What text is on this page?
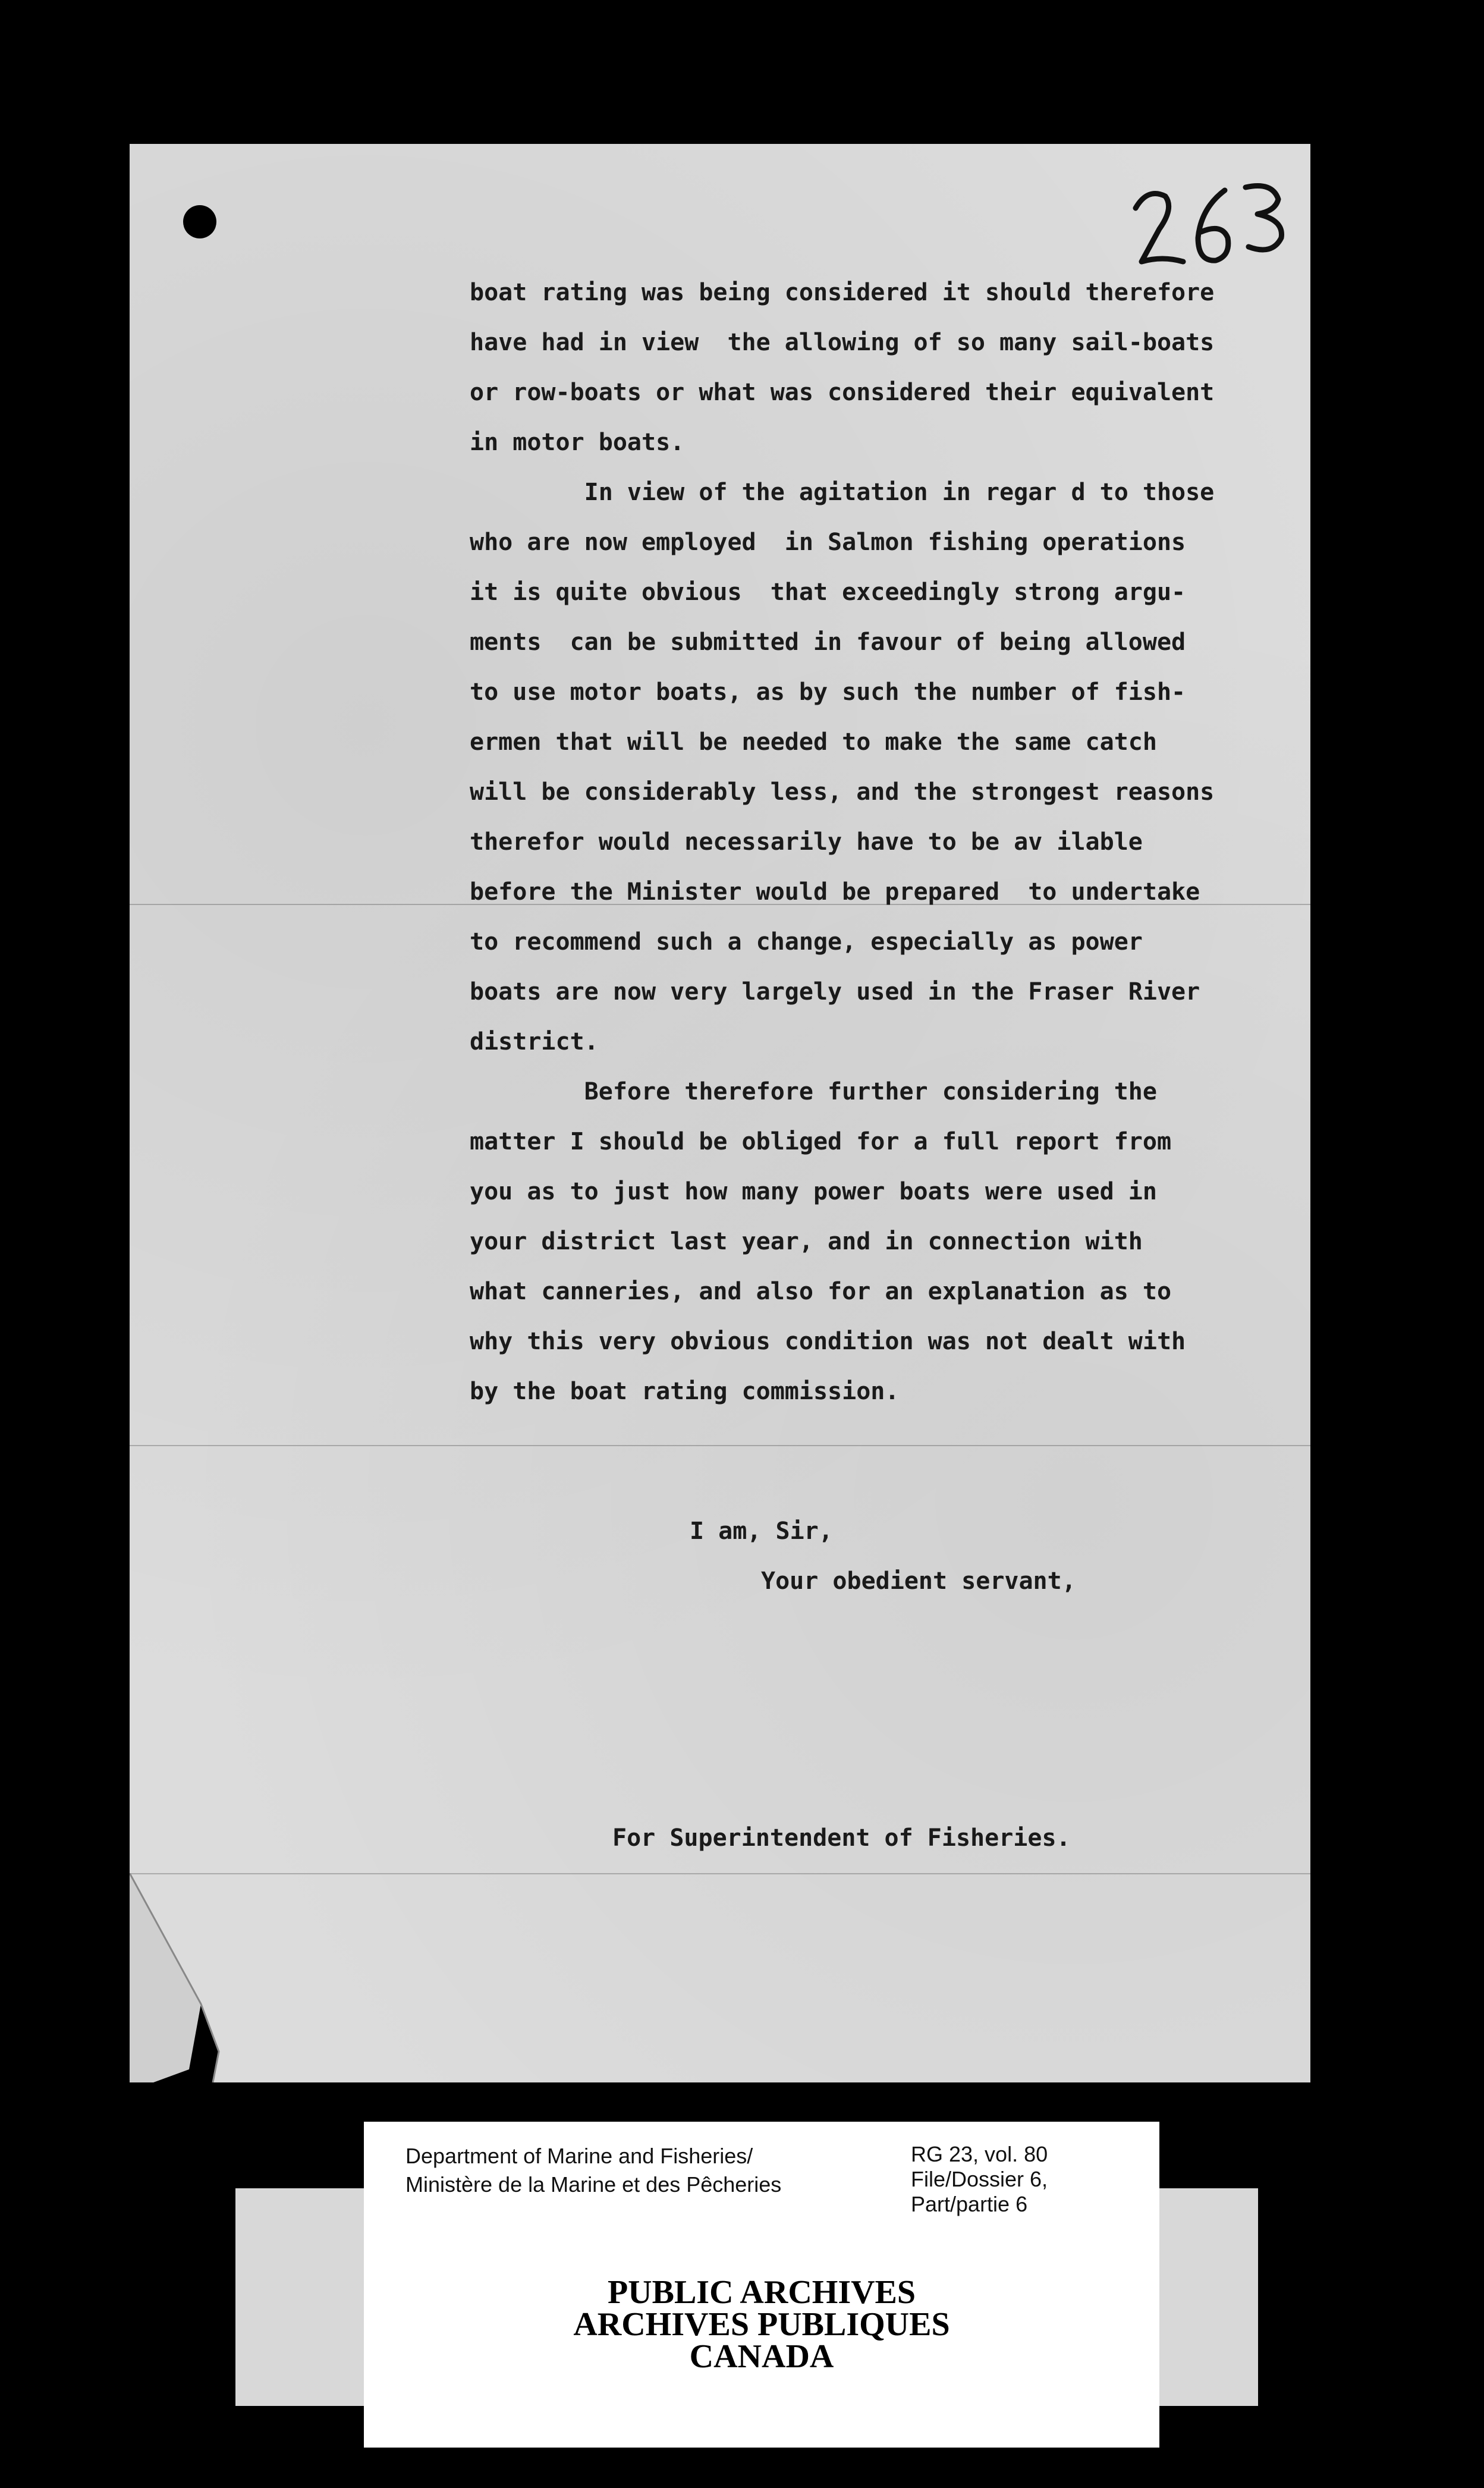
boat rating was being considered it should therefore

have had in view  the allowing of so many sail-boats

or row-boats or what was considered their equivalent

in motor boats.

In view of the agitation in regar d to those

who are now employed  in Salmon fishing operations

it is quite obvious  that exceedingly strong argu-

ments  can be submitted in favour of being allowed

to use motor boats, as by such the number of fish-

ermen that will be needed to make the same catch

will be considerably less, and the strongest reasons

therefor would necessarily have to be av ilable

before the Minister would be prepared  to undertake

to recommend such a change, especially as power

boats are now very largely used in the Fraser River

district.

Before therefore further considering the

matter I should be obliged for a full report from

you as to just how many power boats were used in

your district last year, and in connection with

what canneries, and also for an explanation as to

why this very obvious condition was not dealt with

by the boat rating commission.

I am, Sir,
Your obedient servant,
For Superintendent of Fisheries.
Department of Marine and Fisheries/
Ministère de la Marine et des Pêcheries
RG 23, vol. 80
File/Dossier 6,
Part/partie 6

PUBLIC ARCHIVES

ARCHIVES PUBLIQUES

CANADA
